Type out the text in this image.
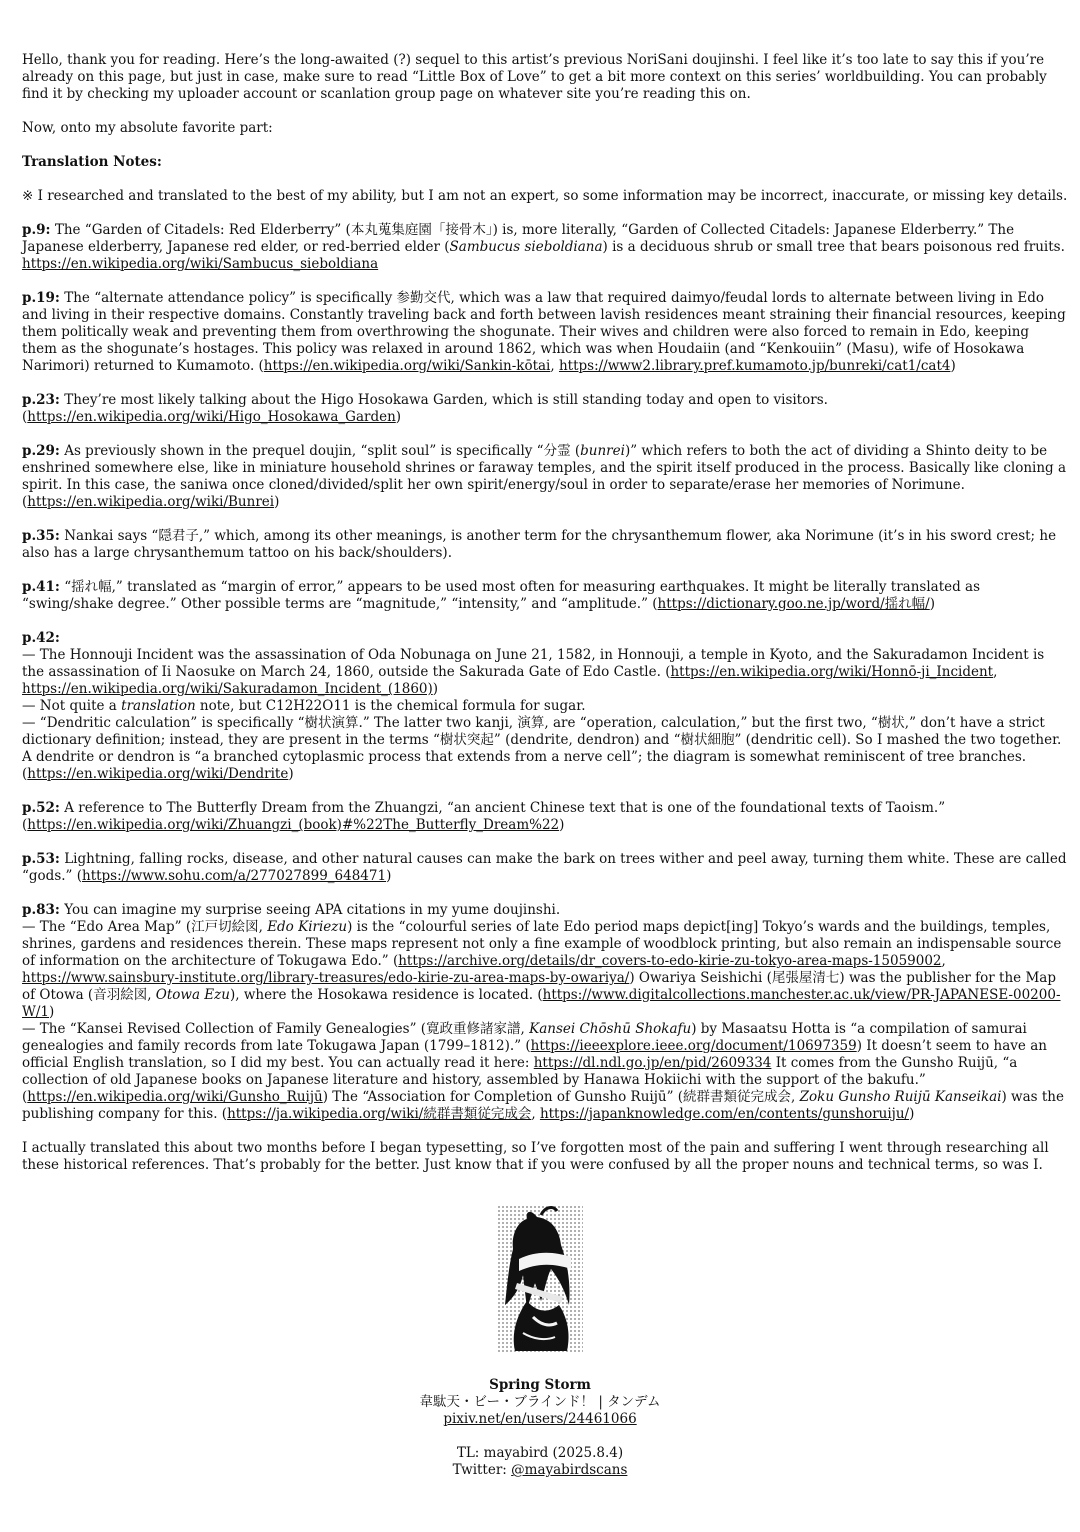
Hello, thank you for reading. Here’s the long-awaited (?) sequel to this artist’s previous NoriSani doujinshi. I feel like it’s too late to say this if you’re already on this page, but just in case, make sure to read “Little Box of Love” to get a bit more context on this series’ worldbuilding. You can probably find it by checking my uploader account or scanlation group page on whatever site you’re reading this on.

Now, onto my absolute favorite part:

Translation Notes:

※ I researched and translated to the best of my ability, but I am not an expert, so some information may be incorrect, inaccurate, or missing key details.

p.9: The “Garden of Citadels: Red Elderberry” (本丸蒐集庭園「接骨木」) is, more literally, “Garden of Collected Citadels: Japanese Elderberry.” The Japanese elderberry, Japanese red elder, or red-berried elder (Sambucus sieboldiana) is a deciduous shrub or small tree that bears poisonous red fruits.
https://en.wikipedia.org/wiki/Sambucus_sieboldiana

p.19: The “alternate attendance policy” is specifically 参勤交代, which was a law that required daimyo/feudal lords to alternate between living in Edo and living in their respective domains. Constantly traveling back and forth between lavish residences meant straining their financial resources, keeping them politically weak and preventing them from overthrowing the shogunate. Their wives and children were also forced to remain in Edo, keeping them as the shogunate’s hostages. This policy was relaxed in around 1862, which was when Houdaiin (and “Kenkouiin” (Masu), wife of Hosokawa Narimori) returned to Kumamoto. (https://en.wikipedia.org/wiki/Sankin-kōtai, https://www2.library.pref.kumamoto.jp/bunreki/cat1/cat4)

p.23: They’re most likely talking about the Higo Hosokawa Garden, which is still standing today and open to visitors. (https://en.wikipedia.org/wiki/Higo_Hosokawa_Garden)

p.29: As previously shown in the prequel doujin, “split soul” is specifically “分霊 (bunrei)” which refers to both the act of dividing a Shinto deity to be enshrined somewhere else, like in miniature household shrines or faraway temples, and the spirit itself produced in the process. Basically like cloning a spirit. In this case, the saniwa once cloned/divided/split her own spirit/energy/soul in order to separate/erase her memories of Norimune. (https://en.wikipedia.org/wiki/Bunrei)

p.35: Nankai says “隠君子,” which, among its other meanings, is another term for the chrysanthemum flower, aka Norimune (it’s in his sword crest; he also has a large chrysanthemum tattoo on his back/shoulders).

p.41: “揺れ幅,” translated as “margin of error,” appears to be used most often for measuring earthquakes. It might be literally translated as “swing/shake degree.” Other possible terms are “magnitude,” “intensity,” and “amplitude.” (https://dictionary.goo.ne.jp/word/揺れ幅/)

p.42:
— The Honnouji Incident was the assassination of Oda Nobunaga on June 21, 1582, in Honnouji, a temple in Kyoto, and the Sakuradamon Incident is the assassination of Ii Naosuke on March 24, 1860, outside the Sakurada Gate of Edo Castle. (https://en.wikipedia.org/wiki/Honnō-ji_Incident, https://en.wikipedia.org/wiki/Sakuradamon_Incident_(1860))
— Not quite a translation note, but C12H22O11 is the chemical formula for sugar.
— “Dendritic calculation” is specifically “樹状演算.” The latter two kanji, 演算, are “operation, calculation,” but the first two, “樹状,” don’t have a strict dictionary definition; instead, they are present in the terms “樹状突起” (dendrite, dendron) and “樹状細胞” (dendritic cell). So I mashed the two together. A dendrite or dendron is “a branched cytoplasmic process that extends from a nerve cell”; the diagram is somewhat reminiscent of tree branches. (https://en.wikipedia.org/wiki/Dendrite)

p.52: A reference to The Butterfly Dream from the Zhuangzi, “an ancient Chinese text that is one of the foundational texts of Taoism.” (https://en.wikipedia.org/wiki/Zhuangzi_(book)#%22The_Butterfly_Dream%22)

p.53: Lightning, falling rocks, disease, and other natural causes can make the bark on trees wither and peel away, turning them white. These are called “gods.” (https://www.sohu.com/a/277027899_648471)

p.83: You can imagine my surprise seeing APA citations in my yume doujinshi.
— The “Edo Area Map” (江戸切絵図, Edo Kiriezu) is the “colourful series of late Edo period maps depict[ing] Tokyo’s wards and the buildings, temples, shrines, gardens and residences therein. These maps represent not only a fine example of woodblock printing, but also remain an indispensable source of information on the architecture of Tokugawa Edo.” (https://archive.org/details/dr_covers-to-edo-kirie-zu-tokyo-area-maps-15059002, https://www.sainsbury-institute.org/library-treasures/edo-kirie-zu-area-maps-by-owariya/) Owariya Seishichi (尾張屋清七) was the publisher for the Map of Otowa (音羽絵図, Otowa Ezu), where the Hosokawa residence is located. (https://www.digitalcollections.manchester.ac.uk/view/PR-JAPANESE-00200-W/1)
— The “Kansei Revised Collection of Family Genealogies” (寛政重修諸家譜, Kansei Chōshū Shokafu) by Masaatsu Hotta is “a compilation of samurai genealogies and family records from late Tokugawa Japan (1799–1812).” (https://ieeexplore.ieee.org/document/10697359) It doesn’t seem to have an official English translation, so I did my best. You can actually read it here: https://dl.ndl.go.jp/en/pid/2609334 It comes from the Gunsho Ruijū, “a collection of old Japanese books on Japanese literature and history, assembled by Hanawa Hokiichi with the support of the bakufu.” (https://en.wikipedia.org/wiki/Gunsho_Ruijū) The “Association for Completion of Gunsho Ruijū” (続群書類従完成会, Zoku Gunsho Ruijū Kanseikai) was the publishing company for this. (https://ja.wikipedia.org/wiki/続群書類従完成会, https://japanknowledge.com/en/contents/gunshoruiju/)

I actually translated this about two months before I began typesetting, so I’ve forgotten most of the pain and suffering I went through researching all these historical references. That’s probably for the better. Just know that if you were confused by all the proper nouns and technical terms, so was I.

Spring Storm
韋駄天・ビー・ブラインド！ | タンデム
pixiv.net/en/users/24461066
TL: mayabird (2025.8.4)
Twitter: @mayabirdscans
